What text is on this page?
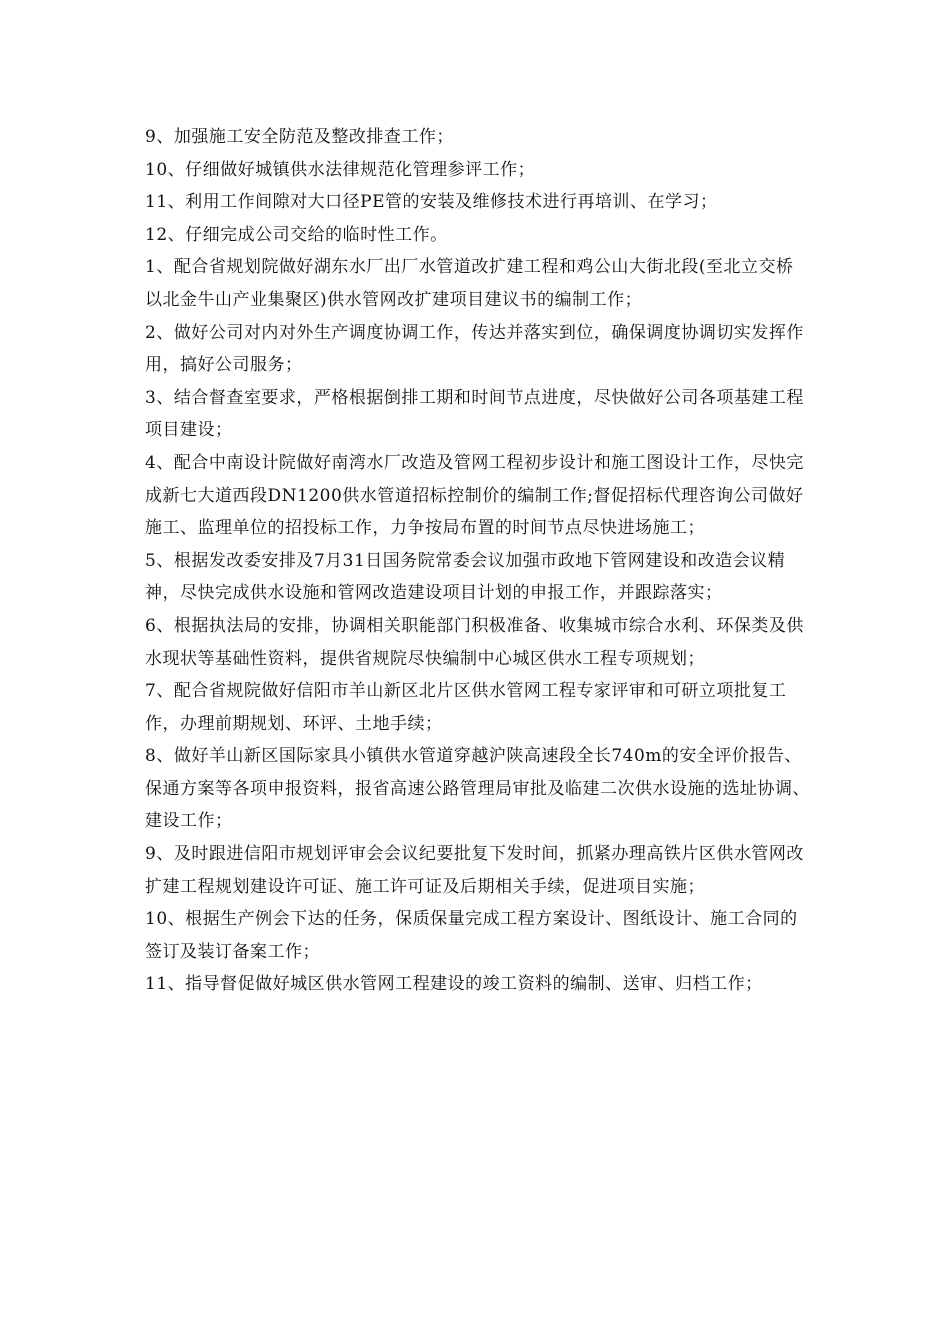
9、加强施工安全防范及整改排查工作；

10、仔细做好城镇供水法律规范化管理参评工作；

11、利用工作间隙对大口径PE管的安装及维修技术进行再培训、在学习；

12、仔细完成公司交给的临时性工作。

1、配合省规划院做好湖东水厂出厂水管道改扩建工程和鸡公山大街北段(至北立交桥以北金牛山产业集聚区)供水管网改扩建项目建议书的编制工作；

2、做好公司对内对外生产调度协调工作，传达并落实到位，确保调度协调切实发挥作用，搞好公司服务；

3、结合督查室要求，严格根据倒排工期和时间节点进度，尽快做好公司各项基建工程项目建设；

4、配合中南设计院做好南湾水厂改造及管网工程初步设计和施工图设计工作，尽快完成新七大道西段DN1200供水管道招标控制价的编制工作;督促招标代理咨询公司做好施工、监理单位的招投标工作，力争按局布置的时间节点尽快进场施工；

5、根据发改委安排及7月31日国务院常委会议加强市政地下管网建设和改造会议精神，尽快完成供水设施和管网改造建设项目计划的申报工作，并跟踪落实；

6、根据执法局的安排，协调相关职能部门积极准备、收集城市综合水利、环保类及供水现状等基础性资料，提供省规院尽快编制中心城区供水工程专项规划；

7、配合省规院做好信阳市羊山新区北片区供水管网工程专家评审和可研立项批复工作，办理前期规划、环评、土地手续；

8、做好羊山新区国际家具小镇供水管道穿越沪陕高速段全长740m的安全评价报告、保通方案等各项申报资料，报省高速公路管理局审批及临建二次供水设施的选址协调、建设工作；

9、及时跟进信阳市规划评审会会议纪要批复下发时间，抓紧办理高铁片区供水管网改扩建工程规划建设许可证、施工许可证及后期相关手续，促进项目实施；

10、根据生产例会下达的任务，保质保量完成工程方案设计、图纸设计、施工合同的签订及装订备案工作；

11、指导督促做好城区供水管网工程建设的竣工资料的编制、送审、归档工作；
